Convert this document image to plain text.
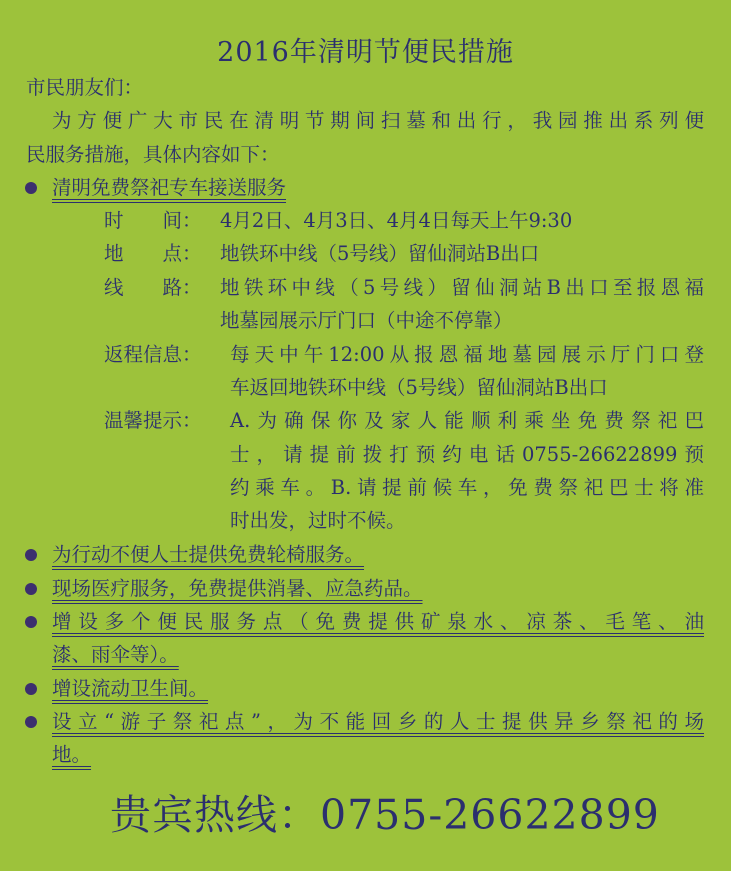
2016年清明节便民措施
市民朋友们：
为方便广大市民在清明节期间扫墓和出行，我园推出系列便
民服务措施，具体内容如下：
清明免费祭祀专车接送服务
时　　间： 4月2日、4月3日、4月4日每天上午9:30
地　　点： 地铁环中线（5号线）留仙洞站B出口
线　　路： 地铁环中线（5号线）留仙洞站B出口至报恩福
地墓园展示厅门口（中途不停靠）
返程信息： 每天中午12:00从报恩福地墓园展示厅门口登
车返回地铁环中线（5号线）留仙洞站B出口
温馨提示： A.为确保你及家人能顺利乘坐免费祭祀巴
士，请提前拨打预约电话0755-26622899预
约乘车。B.请提前候车，免费祭祀巴士将准
时出发，过时不候。
为行动不便人士提供免费轮椅服务。
现场医疗服务，免费提供消暑、应急药品。
增设多个便民服务点（免费提供矿泉水、凉茶、毛笔、油
漆、雨伞等）。
增设流动卫生间。
设立“游子祭祀点”，为不能回乡的人士提供异乡祭祀的场
地。
贵宾热线：0755-26622899
